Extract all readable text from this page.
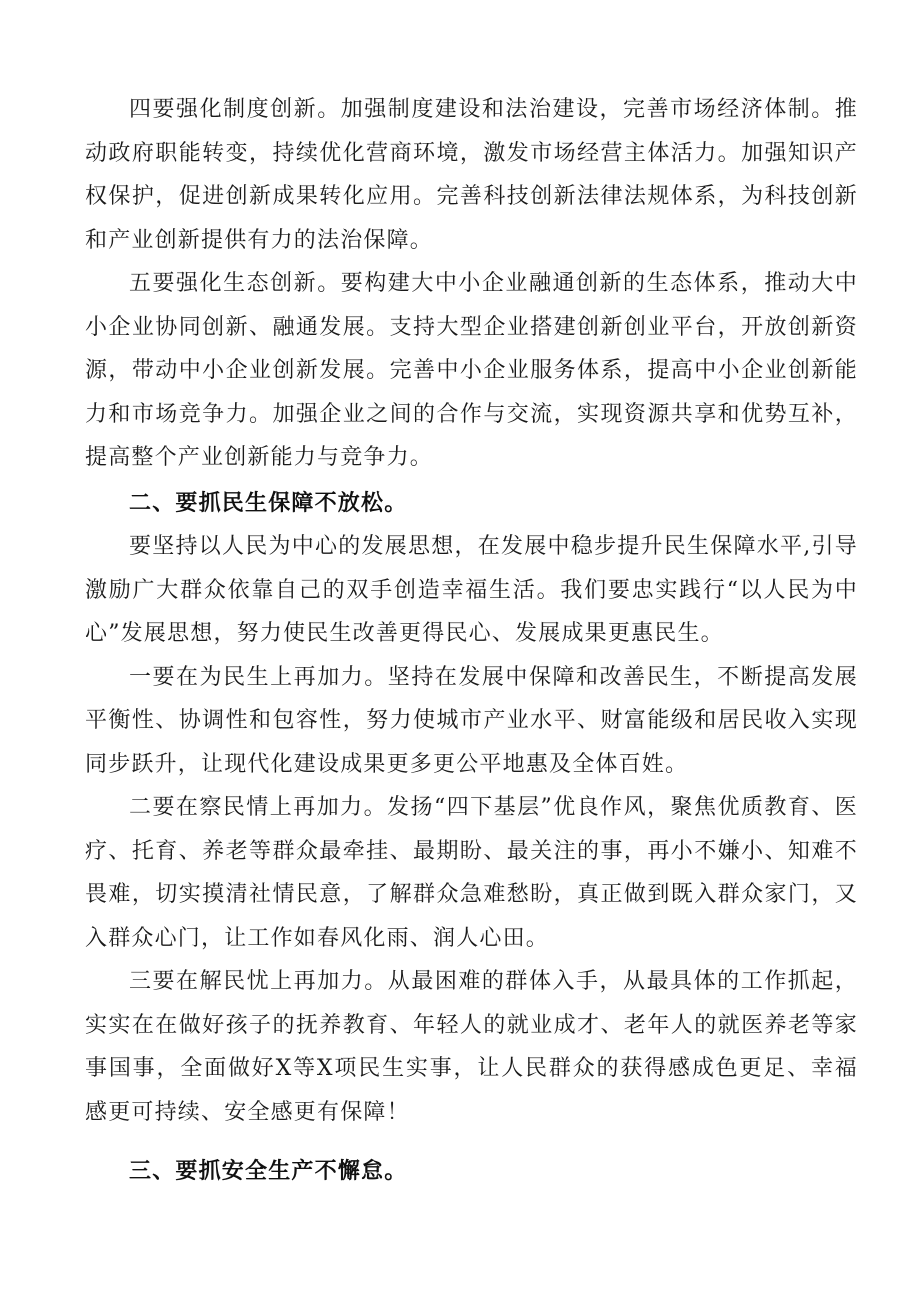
四要强化制度创新。加强制度建设和法治建设，完善市场经济体制。推动政府职能转变，持续优化营商环境，激发市场经营主体活力。加强知识产权保护，促进创新成果转化应用。完善科技创新法律法规体系，为科技创新和产业创新提供有力的法治保障。

五要强化生态创新。要构建大中小企业融通创新的生态体系，推动大中小企业协同创新、融通发展。支持大型企业搭建创新创业平台，开放创新资源，带动中小企业创新发展。完善中小企业服务体系，提高中小企业创新能力和市场竞争力。加强企业之间的合作与交流，实现资源共享和优势互补，提高整个产业创新能力与竞争力。

二、要抓民生保障不放松。

要坚持以人民为中心的发展思想，在发展中稳步提升民生保障水平,引导激励广大群众依靠自己的双手创造幸福生活。我们要忠实践行“以人民为中心”发展思想，努力使民生改善更得民心、发展成果更惠民生。

一要在为民生上再加力。坚持在发展中保障和改善民生，不断提高发展平衡性、协调性和包容性，努力使城市产业水平、财富能级和居民收入实现同步跃升，让现代化建设成果更多更公平地惠及全体百姓。

二要在察民情上再加力。发扬“四下基层”优良作风，聚焦优质教育、医疗、托育、养老等群众最牵挂、最期盼、最关注的事，再小不嫌小、知难不畏难，切实摸清社情民意，了解群众急难愁盼，真正做到既入群众家门，又入群众心门，让工作如春风化雨、润人心田。

三要在解民忧上再加力。从最困难的群体入手，从最具体的工作抓起，实实在在做好孩子的抚养教育、年轻人的就业成才、老年人的就医养老等家事国事，全面做好X等X项民生实事，让人民群众的获得感成色更足、幸福感更可持续、安全感更有保障！

三、要抓安全生产不懈怠。
